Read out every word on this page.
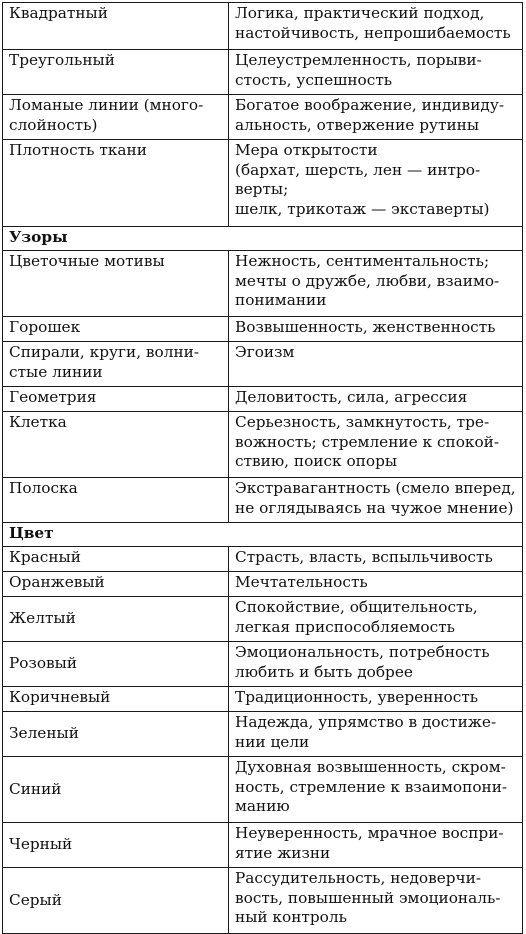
Квадратный	Логика, практический подход,
настойчивость, непрошибаемость

Треугольный	Целеустремленность, порыви-
стость, успешность

Ломаные линии (много-
слойность)	Богатое воображение, индивиду-
альность, отвержение рутины

Плотность ткани	Мера открытости
(бархат, шерсть, лен — интро-
верты;
шелк, трикотаж — экставерты)

Узоры	

Цветочные мотивы	Нежность, сентиментальность;
мечты о дружбе, любви, взаимо-
понимании

Горошек	Возвышенность, женственность

Спирали, круги, волни-
стые линии	Эгоизм

Геометрия	Деловитость, сила, агрессия

Клетка	Серьезность, замкнутость, тре-
вожность; стремление к спокой-
ствию, поиск опоры

Полоска	Экстравагантность (смело вперед,
не оглядываясь на чужое мнение)

Цвет	

Красный	Страсть, власть, вспыльчивость

Оранжевый	Мечтательность

Желтый	Спокойствие, общительность,
легкая приспособляемость

Розовый	Эмоциональность, потребность
любить и быть добрее

Коричневый	Традиционность, уверенность

Зеленый	Надежда, упрямство в достиже-
нии цели

Синий	Духовная возвышенность, скром-
ность, стремление к взаимопони-
манию

Черный	Неуверенность, мрачное воспри-
ятие жизни

Серый	Рассудительность, недоверчи-
вость, повышенный эмоциональ-
ный контроль
